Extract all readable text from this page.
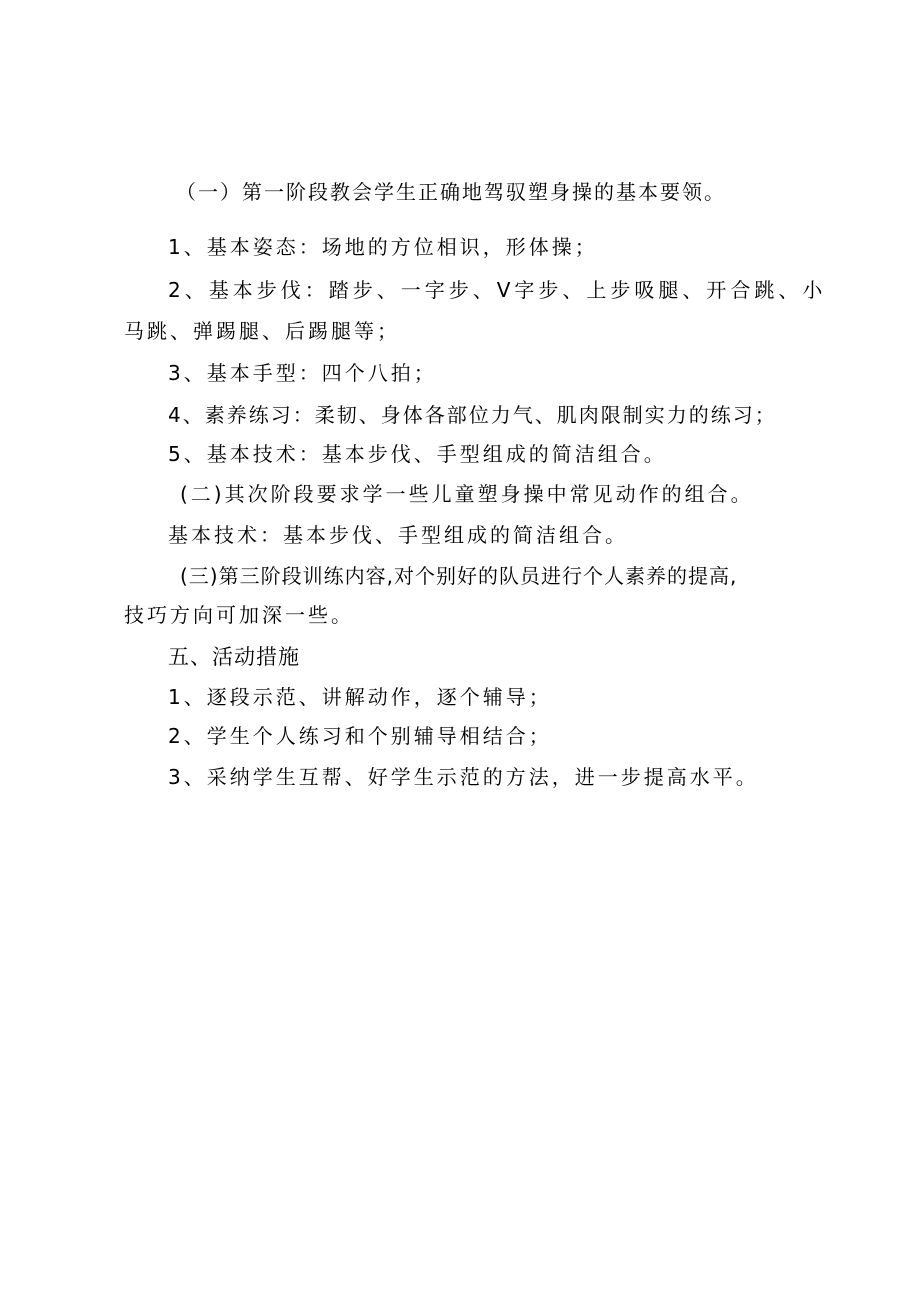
（一）第一阶段教会学生正确地驾驭塑身操的基本要领。
1、基本姿态：场地的方位相识，形体操；
2、基本步伐：踏步、一字步、V字步、上步吸腿、开合跳、小
马跳、弹踢腿、后踢腿等；
3、基本手型：四个八拍；
4、素养练习：柔韧、身体各部位力气、肌肉限制实力的练习；
5、基本技术：基本步伐、手型组成的简洁组合。
(二)其次阶段要求学一些儿童塑身操中常见动作的组合。
基本技术：基本步伐、手型组成的简洁组合。
(三)第三阶段训练内容,对个别好的队员进行个人素养的提高,
技巧方向可加深一些。
五、活动措施
1、逐段示范、讲解动作，逐个辅导；
2、学生个人练习和个别辅导相结合；
3、采纳学生互帮、好学生示范的方法，进一步提高水平。
